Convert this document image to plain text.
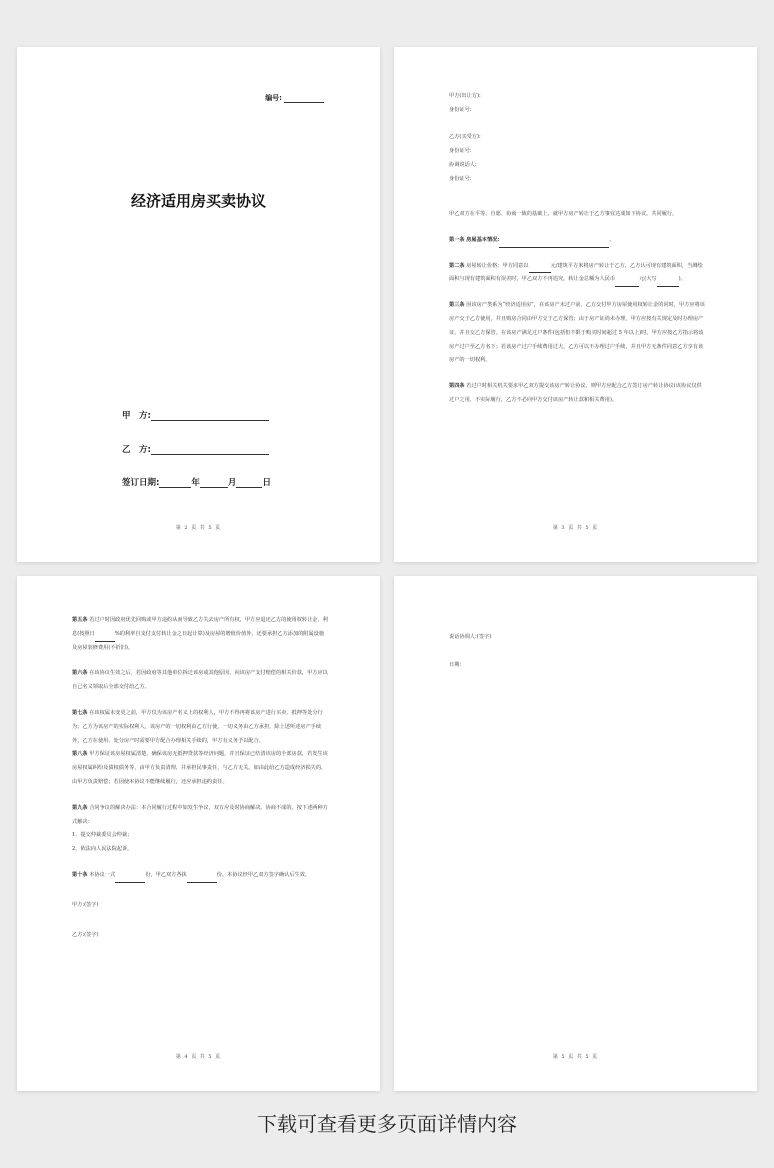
编号:
经济适用房买卖协议
甲　方:
乙　方:
签订日期:	年	月	日
第 2 页 共 5 页

甲方(出让方):

身份证号:

乙方(买受方):

身份证号:

协调说话人:

身份证号:

甲乙双方在平等、自愿、协商一致的基础上，就甲方房产转让于乙方事宜达成如下协议，共同履行。

第一条 房屋基本情况:	。

第二条 房屋转让价格：甲方同意以	元/建筑平方米将房产转让于乙方，乙方认可现有建筑面积，当测绘面积与现有建筑面积有误差时，甲乙双方不再追究，转让金总额为人民币	元(大写	)。

第三条 因该房产类系为“经济适用房”，在该房产未过户前，乙方交付甲方房屋使用权转让金的同时，甲方应将该房产交于乙方使用，并且购房合同由甲方交于乙方保管；由于房产证尚未办理，甲方应按有关规定及时办理房产证，并且交乙方保管。在该房产满足过户条件(包括但不限于购买时间超过 5 年以上)时，甲方应按乙方指示将该房产过户至乙方名下；若该房产过户手续费用过大，乙方可以不办理过户手续，并且甲方无条件同意乙方享有该房产的一切权利。

第四条 若过户时相关机关要求甲乙双方提交该房产转让协议，则甲方应配合乙方签订房产转让协议(该协议仅供过户之用，不实际履行，乙方不必向甲方交付该房产转让款和相关费用)。

第 3 页 共 5 页

第五条 若过户时因政府优先回购或甲方违约从而导致乙方失去房产所有权，甲方应退还乙方的使用权转让金、利息(按照日	%的利率自支付支付转让金之日起计算)及房屋的增值价值外，还要承担乙方添加的附属设施及房屋装修费用(不折旧)。

第六条 在该协议生效之后，若因政府等其他单位拆迁该房或其他原因，向该房产支付赔偿的相关价款，甲方应以自己名义领取后全部交付给乙方。

第七条 在该权属未变更之前，甲方仅为该房产名义上的权利人，甲方不得再将该房产进行买卖、抵押等处分行为；乙方为该房产的实际权利人，该房产的一切权利由乙方行使，一切义务由乙方承担，除上述所述房产手续外，乙方在使用、处分房产时需要甲方配合办理相关手续的，甲方有义务予以配合。

第八条 甲方保证该房屋权属清楚，确保该房无抵押贷款等经济问题，并且保证已结清该房的全部房款，若发生该房屋权属纠纷及债权债务等，由甲方负责清理，并承担民事责任，与乙方无关。如由此给乙方造成经济损失的，由甲方负责赔偿；若因使本协议不能继续履行，还应承担违约责任。

第九条 合同争议的解决办法：本合同履行过程中如发生争议，双方应及时协商解决。协商不成的，按下述两种方式解决：

1、提交仲裁委员会仲裁；

2、依法向人民法院起诉。

第十条 本协议一式	份，甲乙双方各执	份。本协议经甲乙双方签字确认后生效。

甲方:(签字)

乙方:(签字)

第 4 页 共 5 页

说话协调人:(签字)

日期:

第 5 页 共 5 页
下载可查看更多页面详情内容
